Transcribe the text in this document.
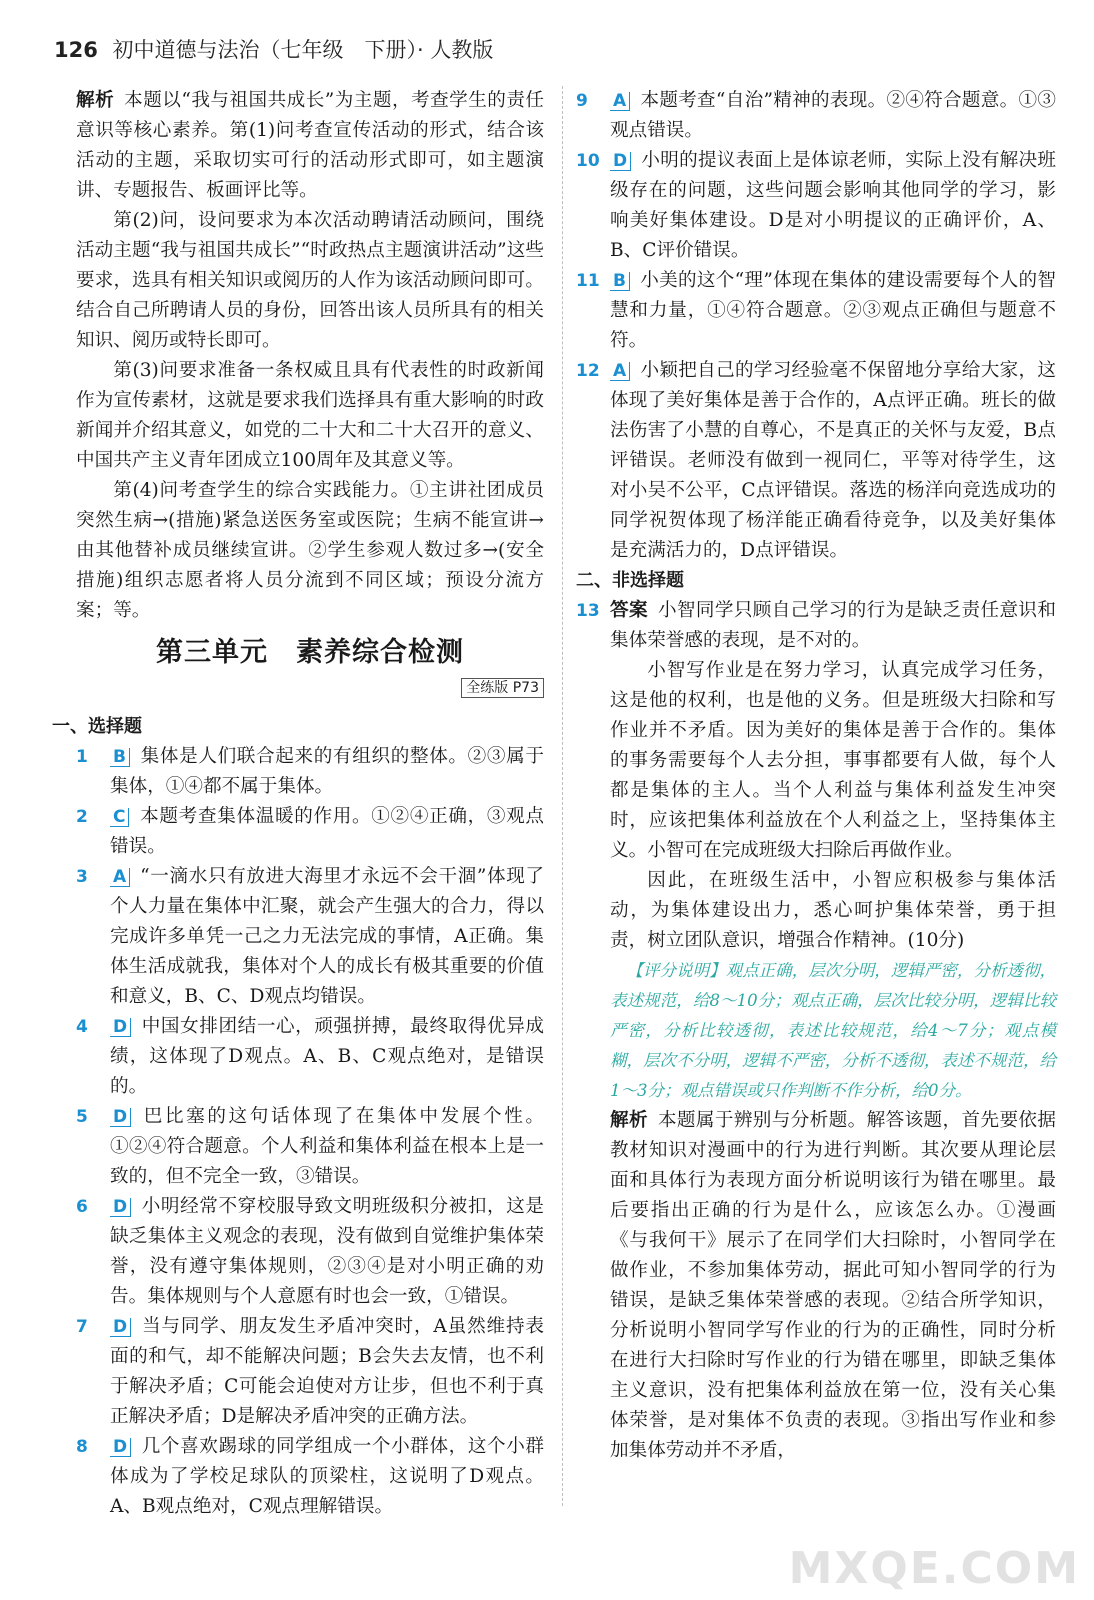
126 初中道德与法治（七年级　下册）· 人教版

解析 本题以“我与祖国共成长”为主题，考查学生的责任意识等核心素养。第(1)问考查宣传活动的形式，结合该活动的主题，采取切实可行的活动形式即可，如主题演讲、专题报告、板画评比等。

第(2)问，设问要求为本次活动聘请活动顾问，围绕活动主题“我与祖国共成长”“时政热点主题演讲活动”这些要求，选具有相关知识或阅历的人作为该活动顾问即可。结合自己所聘请人员的身份，回答出该人员所具有的相关知识、阅历或特长即可。

第(3)问要求准备一条权威且具有代表性的时政新闻作为宣传素材，这就是要求我们选择具有重大影响的时政新闻并介绍其意义，如党的二十大和二十大召开的意义、中国共产主义青年团成立100周年及其意义等。

第(4)问考查学生的综合实践能力。①主讲社团成员突然生病→(措施)紧急送医务室或医院；生病不能宣讲→由其他替补成员继续宣讲。②学生参观人数过多→(安全措施)组织志愿者将人员分流到不同区域；预设分流方案；等。

第三单元　素养综合检测
全练版 P73
一、选择题
1 B 集体是人们联合起来的有组织的整体。②③属于集体，①④都不属于集体。
2 C 本题考查集体温暖的作用。①②④正确，③观点错误。
3 A “一滴水只有放进大海里才永远不会干涸”体现了个人力量在集体中汇聚，就会产生强大的合力，得以完成许多单凭一己之力无法完成的事情，A正确。集体生活成就我，集体对个人的成长有极其重要的价值和意义，B、C、D观点均错误。
4 D 中国女排团结一心，顽强拼搏，最终取得优异成绩，这体现了D观点。A、B、C观点绝对，是错误的。
5 D 巴比塞的这句话体现了在集体中发展个性。①②④符合题意。个人利益和集体利益在根本上是一致的，但不完全一致，③错误。
6 D 小明经常不穿校服导致文明班级积分被扣，这是缺乏集体主义观念的表现，没有做到自觉维护集体荣誉，没有遵守集体规则，②③④是对小明正确的劝告。集体规则与个人意愿有时也会一致，①错误。
7 D 当与同学、朋友发生矛盾冲突时，A虽然维持表面的和气，却不能解决问题；B会失去友情，也不利于解决矛盾；C可能会迫使对方让步，但也不利于真正解决矛盾；D是解决矛盾冲突的正确方法。
8 D 几个喜欢踢球的同学组成一个小群体，这个小群体成为了学校足球队的顶梁柱，这说明了D观点。A、B观点绝对，C观点理解错误。
9 A 本题考查“自治”精神的表现。②④符合题意。①③观点错误。
10 D 小明的提议表面上是体谅老师，实际上没有解决班级存在的问题，这些问题会影响其他同学的学习，影响美好集体建设。D是对小明提议的正确评价，A、B、C评价错误。
11 B 小美的这个“理”体现在集体的建设需要每个人的智慧和力量，①④符合题意。②③观点正确但与题意不符。
12 A 小颖把自己的学习经验毫不保留地分享给大家，这体现了美好集体是善于合作的，A点评正确。班长的做法伤害了小慧的自尊心，不是真正的关怀与友爱，B点评错误。老师没有做到一视同仁，平等对待学生，这对小吴不公平，C点评错误。落选的杨洋向竞选成功的同学祝贺体现了杨洋能正确看待竞争，以及美好集体是充满活力的，D点评错误。
二、非选择题
13 答案 小智同学只顾自己学习的行为是缺乏责任意识和集体荣誉感的表现，是不对的。

小智写作业是在努力学习，认真完成学习任务，这是他的权利，也是他的义务。但是班级大扫除和写作业并不矛盾。因为美好的集体是善于合作的。集体的事务需要每个人去分担，事事都要有人做，每个人都是集体的主人。当个人利益与集体利益发生冲突时，应该把集体利益放在个人利益之上，坚持集体主义。小智可在完成班级大扫除后再做作业。

因此，在班级生活中，小智应积极参与集体活动，为集体建设出力，悉心呵护集体荣誉，勇于担责，树立团队意识，增强合作精神。(10分)

【评分说明】观点正确，层次分明，逻辑严密，分析透彻，表述规范，给8～10分；观点正确，层次比较分明，逻辑比较严密，分析比较透彻，表述比较规范，给4～7分；观点模糊，层次不分明，逻辑不严密，分析不透彻，表述不规范，给1～3分；观点错误或只作判断不作分析，给0分。

解析 本题属于辨别与分析题。解答该题，首先要依据教材知识对漫画中的行为进行判断。其次要从理论层面和具体行为表现方面分析说明该行为错在哪里。最后要指出正确的行为是什么，应该怎么办。①漫画《与我何干》展示了在同学们大扫除时，小智同学在做作业，不参加集体劳动，据此可知小智同学的行为错误，是缺乏集体荣誉感的表现。②结合所学知识，分析说明小智同学写作业的行为的正确性，同时分析在进行大扫除时写作业的行为错在哪里，即缺乏集体主义意识，没有把集体利益放在第一位，没有关心集体荣誉，是对集体不负责的表现。③指出写作业和参加集体劳动并不矛盾，

MXQE.COM
